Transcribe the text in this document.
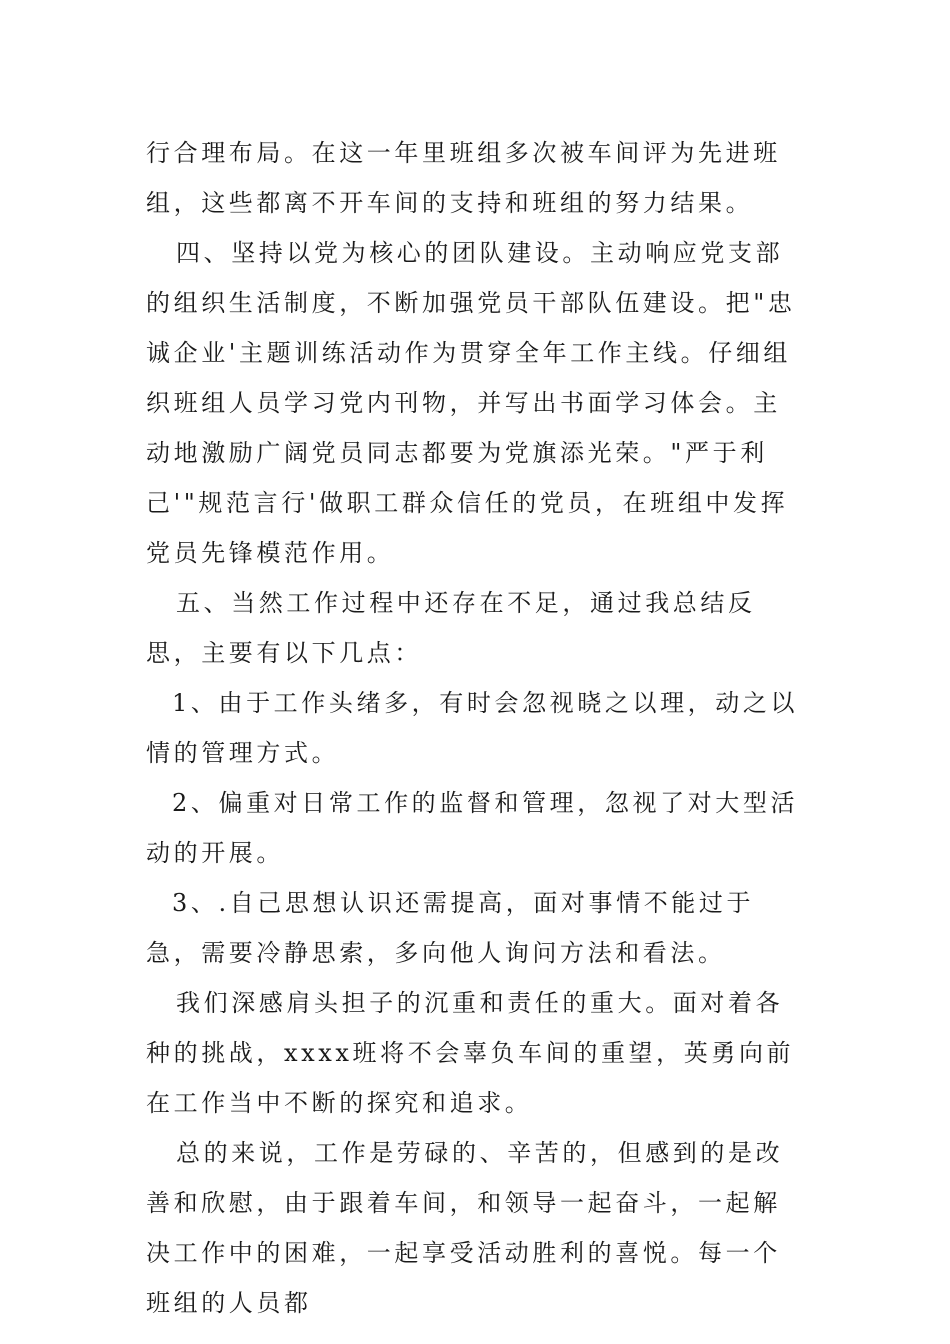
行合理布局。在这一年里班组多次被车间评为先进班组，这些都离不开车间的支持和班组的努力结果。

四、坚持以党为核心的团队建设。主动响应党支部的组织生活制度，不断加强党员干部队伍建设。把"忠诚企业'主题训练活动作为贯穿全年工作主线。仔细组织班组人员学习党内刊物，并写出书面学习体会。主动地激励广阔党员同志都要为党旗添光荣。"严于利己'"规范言行'做职工群众信任的党员，在班组中发挥党员先锋模范作用。

五、当然工作过程中还存在不足，通过我总结反思，主要有以下几点：

1、由于工作头绪多，有时会忽视晓之以理，动之以情的管理方式。

2、偏重对日常工作的监督和管理，忽视了对大型活动的开展。

3、.自己思想认识还需提高，面对事情不能过于急，需要冷静思索，多向他人询问方法和看法。

我们深感肩头担子的沉重和责任的重大。面对着各种的挑战，xxxx班将不会辜负车间的重望，英勇向前在工作当中不断的探究和追求。

总的来说，工作是劳碌的、辛苦的，但感到的是改善和欣慰，由于跟着车间，和领导一起奋斗，一起解决工作中的困难，一起享受活动胜利的喜悦。每一个班组的人员都
